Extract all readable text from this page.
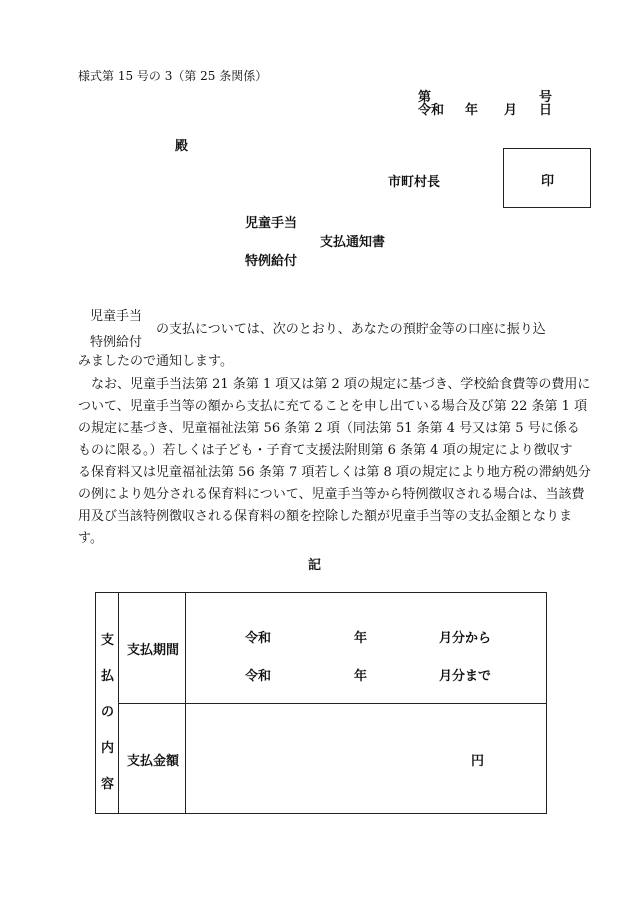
様式第 15 号の 3（第 25 条関係）
第	号
令和 年 月 日
殿
市町村長	印
児童手当
支払通知書
特例給付
児童手当
の支払については、次のとおり、あなたの預貯金等の口座に振り込
特例給付
みましたので通知します。
　なお、児童手当法第 21 条第 1 項又は第 2 項の規定に基づき、学校給食費等の費用に
ついて、児童手当等の額から支払に充てることを申し出ている場合及び第 22 条第 1 項
の規定に基づき、児童福祉法第 56 条第 2 項（同法第 51 条第 4 号又は第 5 号に係る
ものに限る。）若しくは子ども・子育て支援法附則第 6 条第 4 項の規定により徴収す
る保育料又は児童福祉法第 56 条第 7 項若しくは第 8 項の規定により地方税の滞納処分
の例により処分される保育料について、児童手当等から特例徴収される場合は、当該費
用及び当該特例徴収される保育料の額を控除した額が児童手当等の支払金額となりま
す。
記
支
払
の
内
容
支払期間
令和	年	月分から
令和	年	月分まで
支払金額	円
